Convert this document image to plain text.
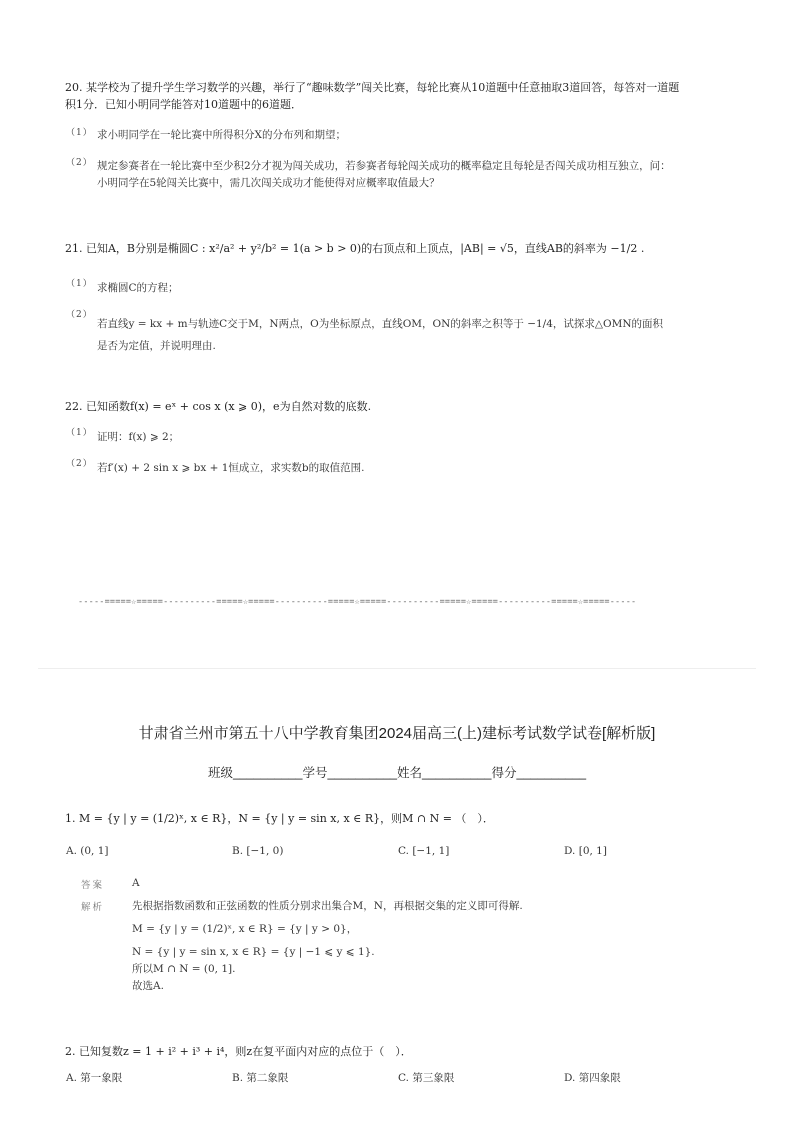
20. 某学校为了提升学生学习数学的兴趣，举行了“趣味数学”闯关比赛，每轮比赛从10道题中任意抽取3道回答，每答对一道题
积1分．已知小明同学能答对10道题中的6道题．
（1） 求小明同学在一轮比赛中所得积分X的分布列和期望；
（2） 规定参赛者在一轮比赛中至少积2分才视为闯关成功，若参赛者每轮闯关成功的概率稳定且每轮是否闯关成功相互独立，问：
小明同学在5轮闯关比赛中，需几次闯关成功才能使得对应概率取值最大？
21. 已知A，B分别是椭圆C : x²/a² + y²/b² = 1(a > b > 0)的右顶点和上顶点，|AB| = √5，直线AB的斜率为 −1/2 .
（1） 求椭圆C的方程；
（2）
若直线y = kx + m与轨迹C交于M，N两点，O为坐标原点，直线OM，ON的斜率之积等于 −1/4，试探求△OMN的面积
是否为定值，并说明理由.
22. 已知函数f(x) = eˣ + cos x (x ⩾ 0)，e为自然对数的底数.
（1） 证明：f(x) ⩾ 2；
（2） 若f′(x) + 2 sin x ⩾ bx + 1恒成立，求实数b的取值范围.
-----=====☆=====----------=====☆=====----------=====☆=====----------=====☆=====----------=====☆=====-----
甘肃省兰州市第五十八中学教育集团2024届高三(上)建标考试数学试卷[解析版]
班级__________学号__________姓名__________得分__________
1. M = {y | y = (1/2)ˣ, x ∈ R}，N = {y | y = sin x, x ∈ R}，则M ∩ N = （　）．
A. (0, 1]	B. [−1, 0)	C. [−1, 1]	D. [0, 1]
答案	A
解析	先根据指数函数和正弦函数的性质分别求出集合M，N，再根据交集的定义即可得解.
M = {y | y = (1/2)ˣ, x ∈ R} = {y | y > 0}，
N = {y | y = sin x, x ∈ R} = {y | −1 ⩽ y ⩽ 1}.
所以M ∩ N = (0, 1].
故选A.
2. 已知复数z = 1 + i² + i³ + i⁴，则z在复平面内对应的点位于（　）．
A. 第一象限	B. 第二象限	C. 第三象限	D. 第四象限
